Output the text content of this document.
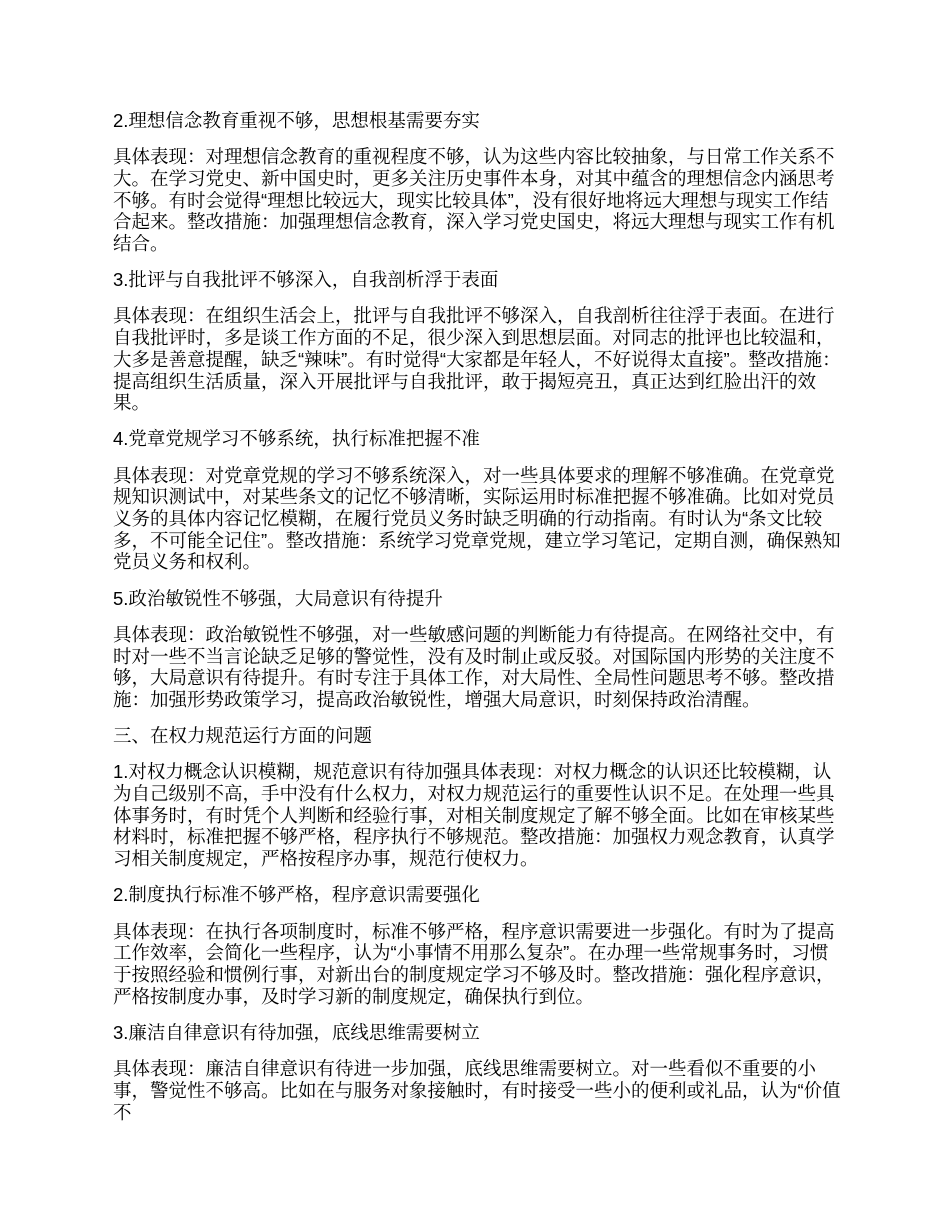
2.理想信念教育重视不够，思想根基需要夯实

具体表现：对理想信念教育的重视程度不够，认为这些内容比较抽象，与日常工作关系不大。在学习党史、新中国史时，更多关注历史事件本身，对其中蕴含的理想信念内涵思考不够。有时会觉得“理想比较远大，现实比较具体”，没有很好地将远大理想与现实工作结合起来。整改措施：加强理想信念教育，深入学习党史国史，将远大理想与现实工作有机结合。

3.批评与自我批评不够深入，自我剖析浮于表面

具体表现：在组织生活会上，批评与自我批评不够深入，自我剖析往往浮于表面。在进行自我批评时，多是谈工作方面的不足，很少深入到思想层面。对同志的批评也比较温和，大多是善意提醒，缺乏“辣味”。有时觉得“大家都是年轻人，不好说得太直接”。整改措施：提高组织生活质量，深入开展批评与自我批评，敢于揭短亮丑，真正达到红脸出汗的效果。

4.党章党规学习不够系统，执行标准把握不准

具体表现：对党章党规的学习不够系统深入，对一些具体要求的理解不够准确。在党章党规知识测试中，对某些条文的记忆不够清晰，实际运用时标准把握不够准确。比如对党员义务的具体内容记忆模糊，在履行党员义务时缺乏明确的行动指南。有时认为“条文比较多，不可能全记住”。整改措施：系统学习党章党规，建立学习笔记，定期自测，确保熟知党员义务和权利。

5.政治敏锐性不够强，大局意识有待提升

具体表现：政治敏锐性不够强，对一些敏感问题的判断能力有待提高。在网络社交中，有时对一些不当言论缺乏足够的警觉性，没有及时制止或反驳。对国际国内形势的关注度不够，大局意识有待提升。有时专注于具体工作，对大局性、全局性问题思考不够。整改措施：加强形势政策学习，提高政治敏锐性，增强大局意识，时刻保持政治清醒。

三、在权力规范运行方面的问题

1.对权力概念认识模糊，规范意识有待加强具体表现：对权力概念的认识还比较模糊，认为自己级别不高，手中没有什么权力，对权力规范运行的重要性认识不足。在处理一些具体事务时，有时凭个人判断和经验行事，对相关制度规定了解不够全面。比如在审核某些材料时，标准把握不够严格，程序执行不够规范。整改措施：加强权力观念教育，认真学习相关制度规定，严格按程序办事，规范行使权力。

2.制度执行标准不够严格，程序意识需要强化

具体表现：在执行各项制度时，标准不够严格，程序意识需要进一步强化。有时为了提高工作效率，会简化一些程序，认为“小事情不用那么复杂”。在办理一些常规事务时，习惯于按照经验和惯例行事，对新出台的制度规定学习不够及时。整改措施：强化程序意识，严格按制度办事，及时学习新的制度规定，确保执行到位。

3.廉洁自律意识有待加强，底线思维需要树立

具体表现：廉洁自律意识有待进一步加强，底线思维需要树立。对一些看似不重要的小事，警觉性不够高。比如在与服务对象接触时，有时接受一些小的便利或礼品，认为“价值不
